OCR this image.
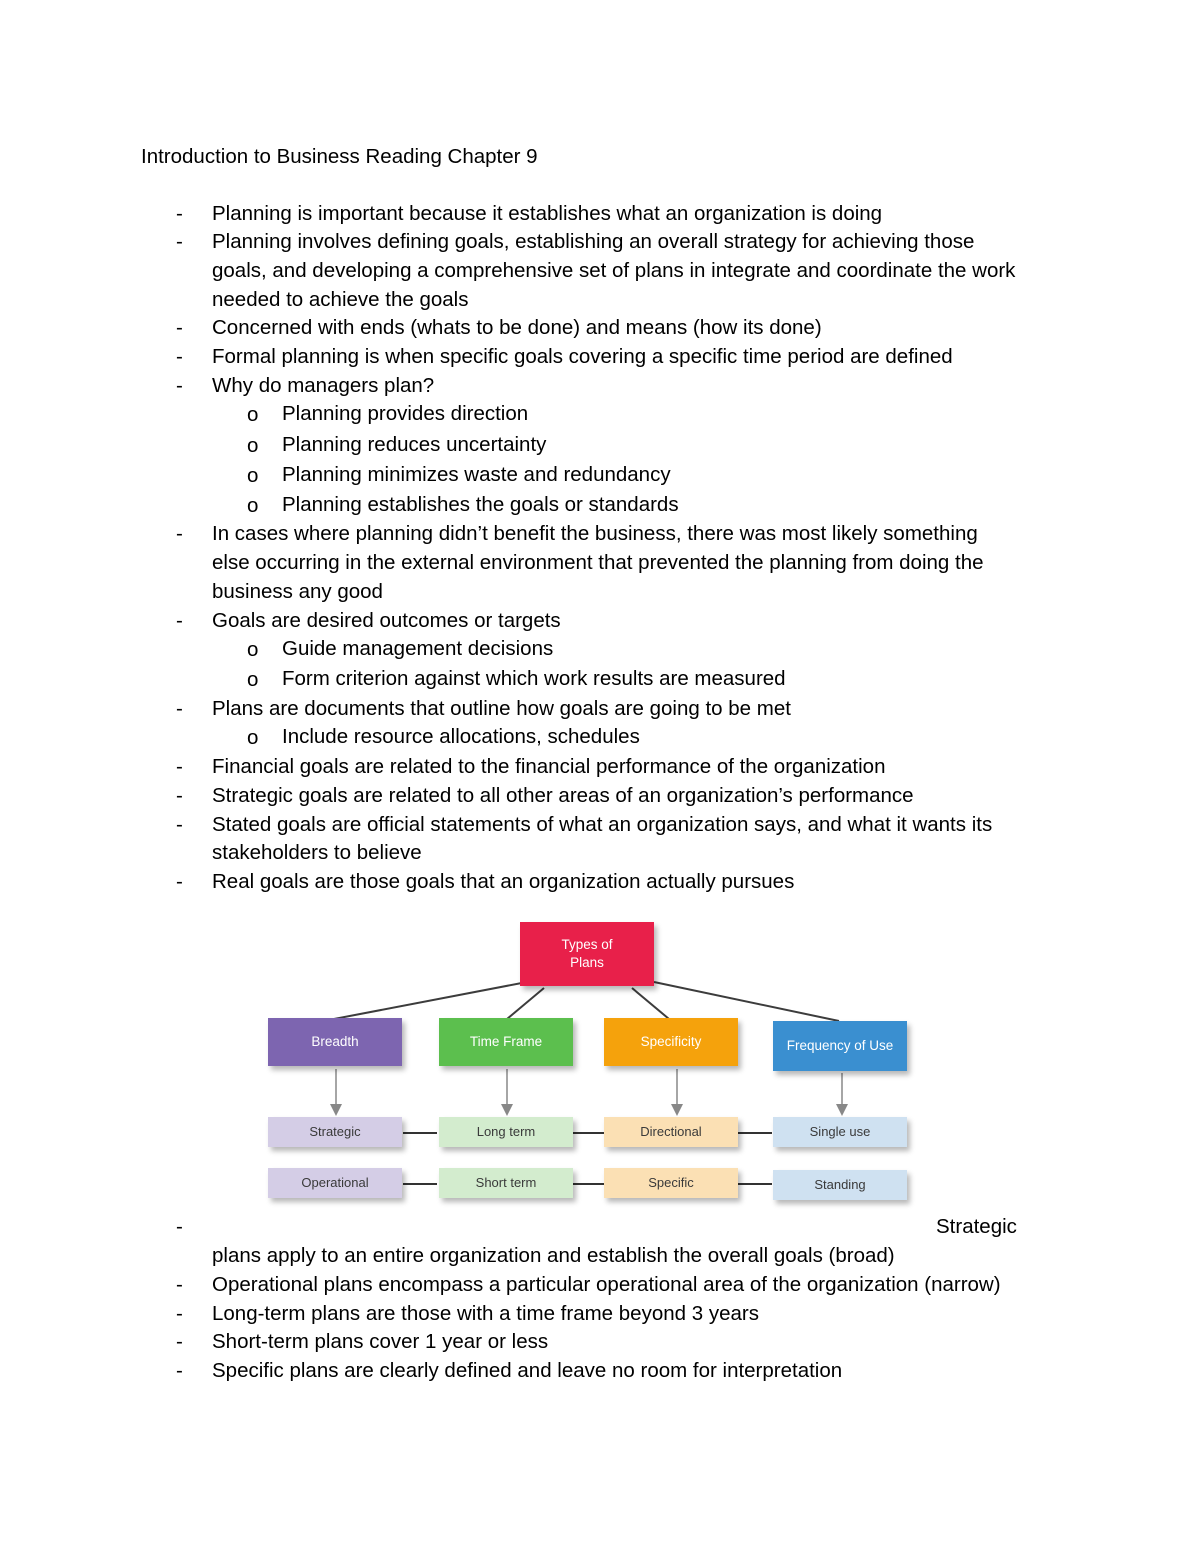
Introduction to Business Reading Chapter 9
- Planning is important because it establishes what an organization is doing
- Planning involves defining goals, establishing an overall strategy for achieving those
goals, and developing a comprehensive set of plans in integrate and coordinate the work
needed to achieve the goals
- Concerned with ends (whats to be done) and means (how its done)
- Formal planning is when specific goals covering a specific time period are defined
- Why do managers plan?
o Planning provides direction
o Planning reduces uncertainty
o Planning minimizes waste and redundancy
o Planning establishes the goals or standards
- In cases where planning didn’t benefit the business, there was most likely something
else occurring in the external environment that prevented the planning from doing the
business any good
- Goals are desired outcomes or targets
o Guide management decisions
o Form criterion against which work results are measured
- Plans are documents that outline how goals are going to be met
o Include resource allocations, schedules
- Financial goals are related to the financial performance of the organization
- Strategic goals are related to all other areas of an organization’s performance
- Stated goals are official statements of what an organization says, and what it wants its
stakeholders to believe
- Real goals are those goals that an organization actually pursues
Types of
Plans
Breadth	Time Frame	Specificity	Frequency of Use
Strategic	Long term	Directional	Single use
Operational	Short term	Specific	Standing
-	Strategic
plans apply to an entire organization and establish the overall goals (broad)
- Operational plans encompass a particular operational area of the organization (narrow)
- Long-term plans are those with a time frame beyond 3 years
- Short-term plans cover 1 year or less
- Specific plans are clearly defined and leave no room for interpretation
